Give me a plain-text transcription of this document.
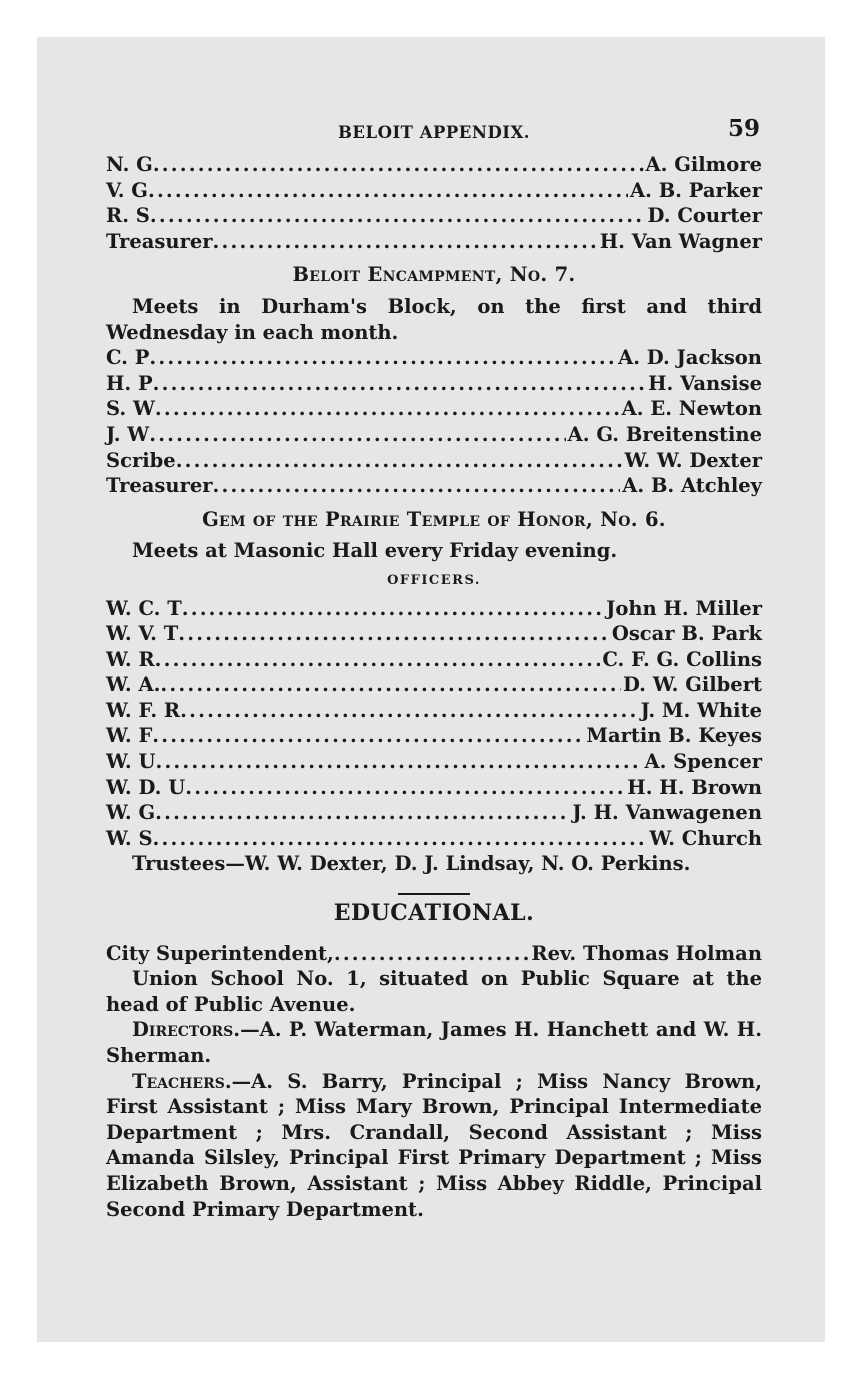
BELOIT APPENDIX.	59
N. G .....	A. Gilmore
V. G .....	A. B. Parker
R. S .....	D. Courter
Treasurer .....	H. Van Wagner
Beloit Encampment, No. 7.
Meets in Durham's Block, on the first and third Wednesday in each month.
C. P .....	A. D. Jackson
H. P .....	H. Vansise
S. W .....	A. E. Newton
J. W .....	A. G. Breitenstine
Scribe .....	W. W. Dexter
Treasurer .....	A. B. Atchley
Gem of the Prairie Temple of Honor, No. 6.
Meets at Masonic Hall every Friday evening.
OFFICERS.
W. C. T .....	John H. Miller
W. V. T .....	Oscar B. Park
W. R .....	C. F. G. Collins
W. A. .....	D. W. Gilbert
W. F. R .....	J. M. White
W. F .....	Martin B. Keyes
W. U .....	A. Spencer
W. D. U .....	H. H. Brown
W. G .....	J. H. Vanwagenen
W. S .....	W. Church
Trustees—W. W. Dexter, D. J. Lindsay, N. O. Perkins.
EDUCATIONAL.
City Superintendent, .....	Rev. Thomas Holman
Union School No. 1, situated on Public Square at the head of Public Avenue.
Directors.—A. P. Waterman, James H. Hanchett and W. H. Sherman.
Teachers.—A. S. Barry, Principal ; Miss Nancy Brown, First Assistant ; Miss Mary Brown, Principal Intermediate Department ; Mrs. Crandall, Second Assistant ; Miss Amanda Silsley, Principal First Primary Department ; Miss Elizabeth Brown, Assistant ; Miss Abbey Riddle, Principal Second Primary Department.
